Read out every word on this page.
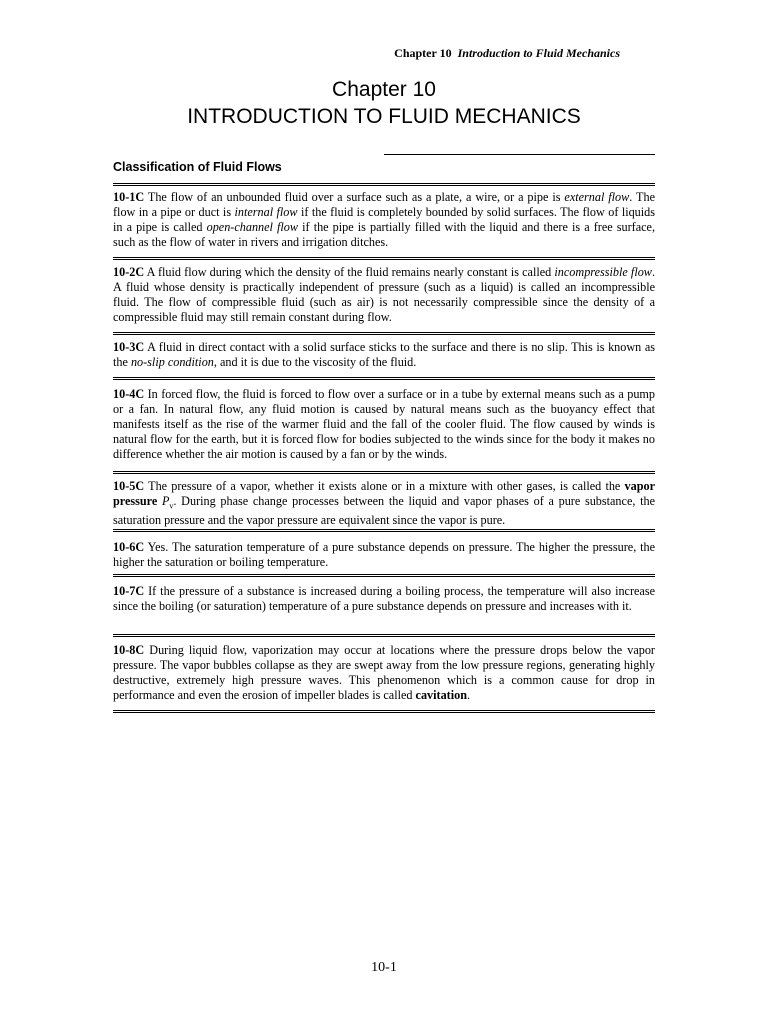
Chapter 10 Introduction to Fluid Mechanics
Chapter 10
INTRODUCTION TO FLUID MECHANICS
Classification of Fluid Flows

10-1C The flow of an unbounded fluid over a surface such as a plate, a wire, or a pipe is external flow. The flow in a pipe or duct is internal flow if the fluid is completely bounded by solid surfaces. The flow of liquids in a pipe is called open-channel flow if the pipe is partially filled with the liquid and there is a free surface, such as the flow of water in rivers and irrigation ditches.

10-2C A fluid flow during which the density of the fluid remains nearly constant is called incompressible flow. A fluid whose density is practically independent of pressure (such as a liquid) is called an incompressible fluid. The flow of compressible fluid (such as air) is not necessarily compressible since the density of a compressible fluid may still remain constant during flow.

10-3C A fluid in direct contact with a solid surface sticks to the surface and there is no slip. This is known as the no-slip condition, and it is due to the viscosity of the fluid.

10-4C In forced flow, the fluid is forced to flow over a surface or in a tube by external means such as a pump or a fan. In natural flow, any fluid motion is caused by natural means such as the buoyancy effect that manifests itself as the rise of the warmer fluid and the fall of the cooler fluid. The flow caused by winds is natural flow for the earth, but it is forced flow for bodies subjected to the winds since for the body it makes no difference whether the air motion is caused by a fan or by the winds.

10-5C The pressure of a vapor, whether it exists alone or in a mixture with other gases, is called the vapor pressure $P_v$. During phase change processes between the liquid and vapor phases of a pure substance, the saturation pressure and the vapor pressure are equivalent since the vapor is pure.

10-6C Yes. The saturation temperature of a pure substance depends on pressure. The higher the pressure, the higher the saturation or boiling temperature.

10-7C If the pressure of a substance is increased during a boiling process, the temperature will also increase since the boiling (or saturation) temperature of a pure substance depends on pressure and increases with it.

10-8C During liquid flow, vaporization may occur at locations where the pressure drops below the vapor pressure. The vapor bubbles collapse as they are swept away from the low pressure regions, generating highly destructive, extremely high pressure waves. This phenomenon which is a common cause for drop in performance and even the erosion of impeller blades is called cavitation.

10-1
